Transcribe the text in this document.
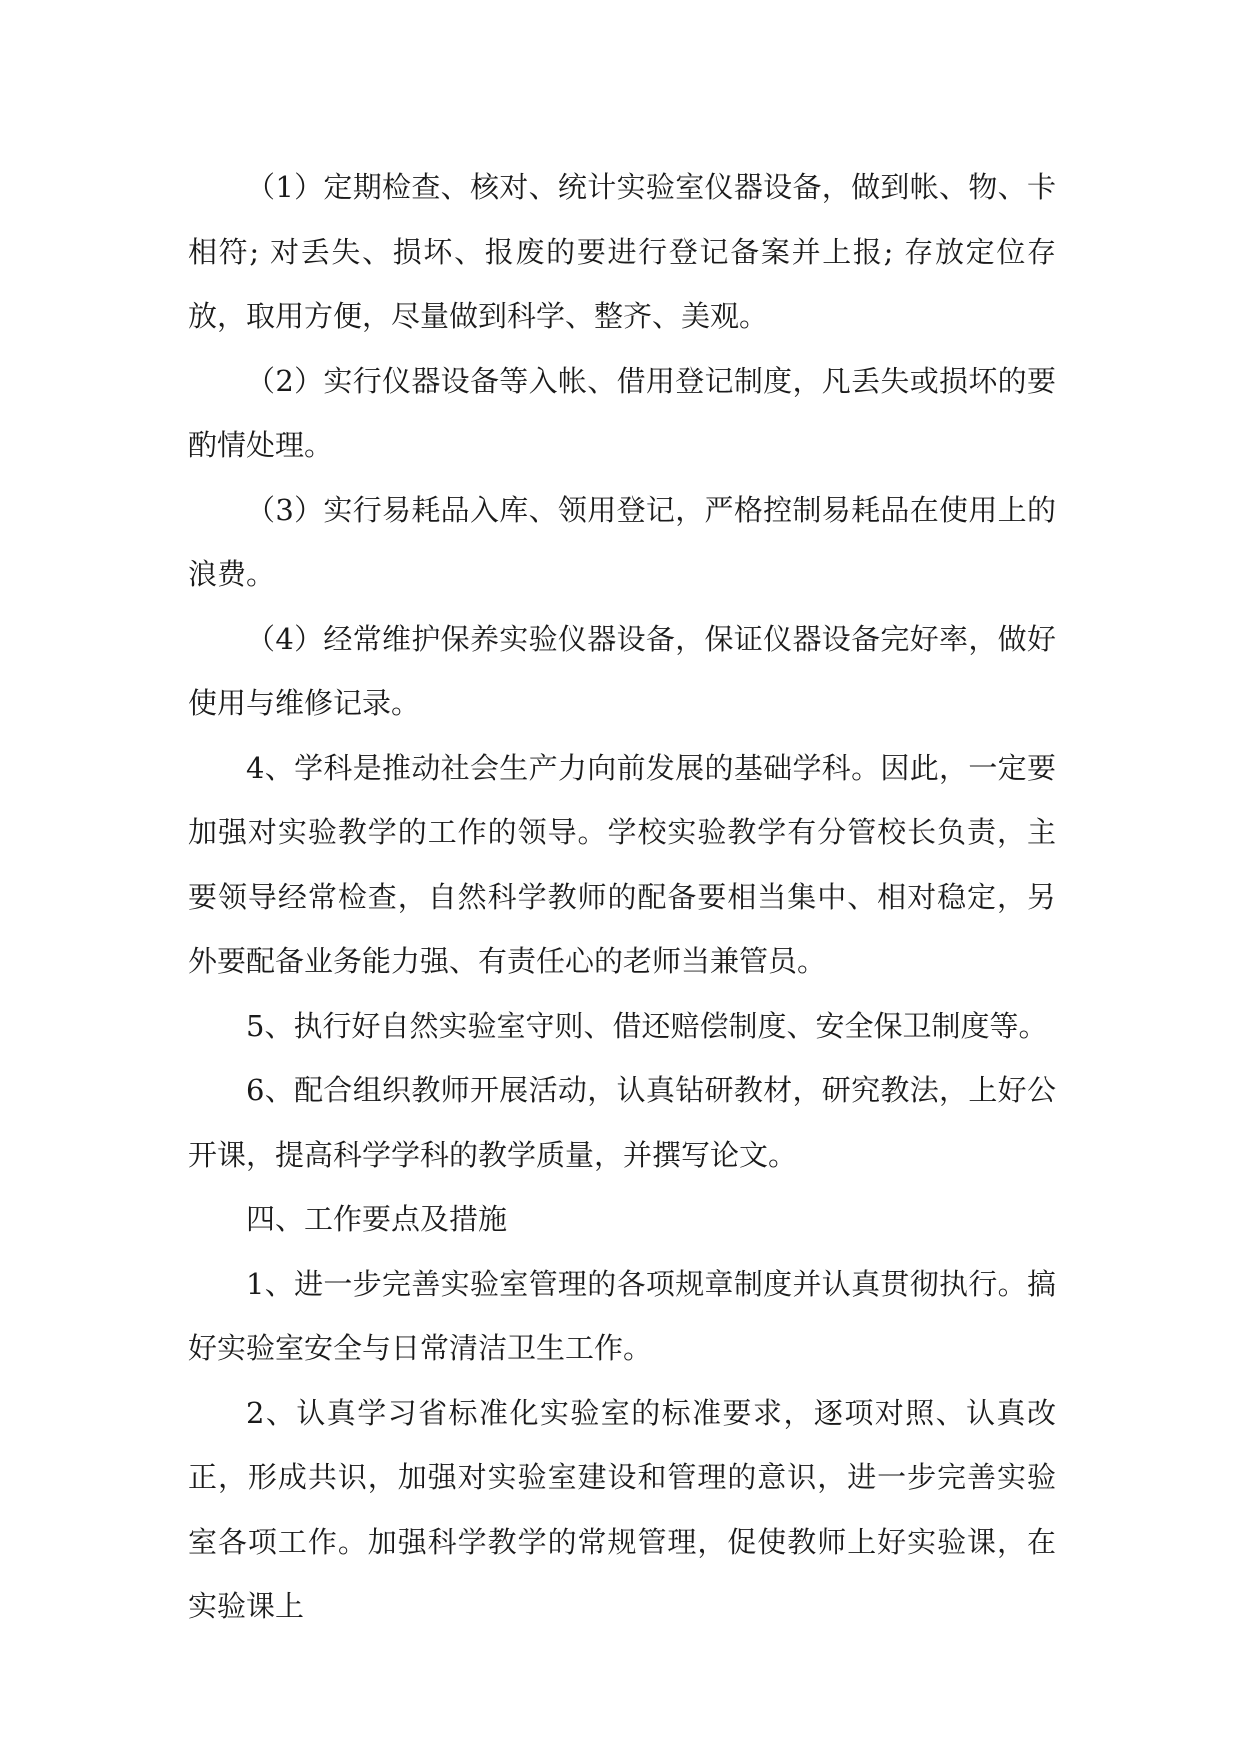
（1）定期检查、核对、统计实验室仪器设备，做到帐、物、卡相符; 对丢失、损坏、报废的要进行登记备案并上报; 存放定位存放，取用方便，尽量做到科学、整齐、美观。

（2）实行仪器设备等入帐、借用登记制度，凡丢失或损坏的要酌情处理。

（3）实行易耗品入库、领用登记，严格控制易耗品在使用上的浪费。

（4）经常维护保养实验仪器设备，保证仪器设备完好率，做好使用与维修记录。

4、学科是推动社会生产力向前发展的基础学科。因此，一定要加强对实验教学的工作的领导。学校实验教学有分管校长负责，主要领导经常检查，自然科学教师的配备要相当集中、相对稳定，另外要配备业务能力强、有责任心的老师当兼管员。

5、执行好自然实验室守则、借还赔偿制度、安全保卫制度等。

6、配合组织教师开展活动，认真钻研教材，研究教法，上好公开课，提高科学学科的教学质量，并撰写论文。

四、工作要点及措施

1、进一步完善实验室管理的各项规章制度并认真贯彻执行。搞好实验室安全与日常清洁卫生工作。

2、认真学习省标准化实验室的标准要求，逐项对照、认真改正，形成共识，加强对实验室建设和管理的意识，进一步完善实验室各项工作。加强科学教学的常规管理，促使教师上好实验课，在实验课上
